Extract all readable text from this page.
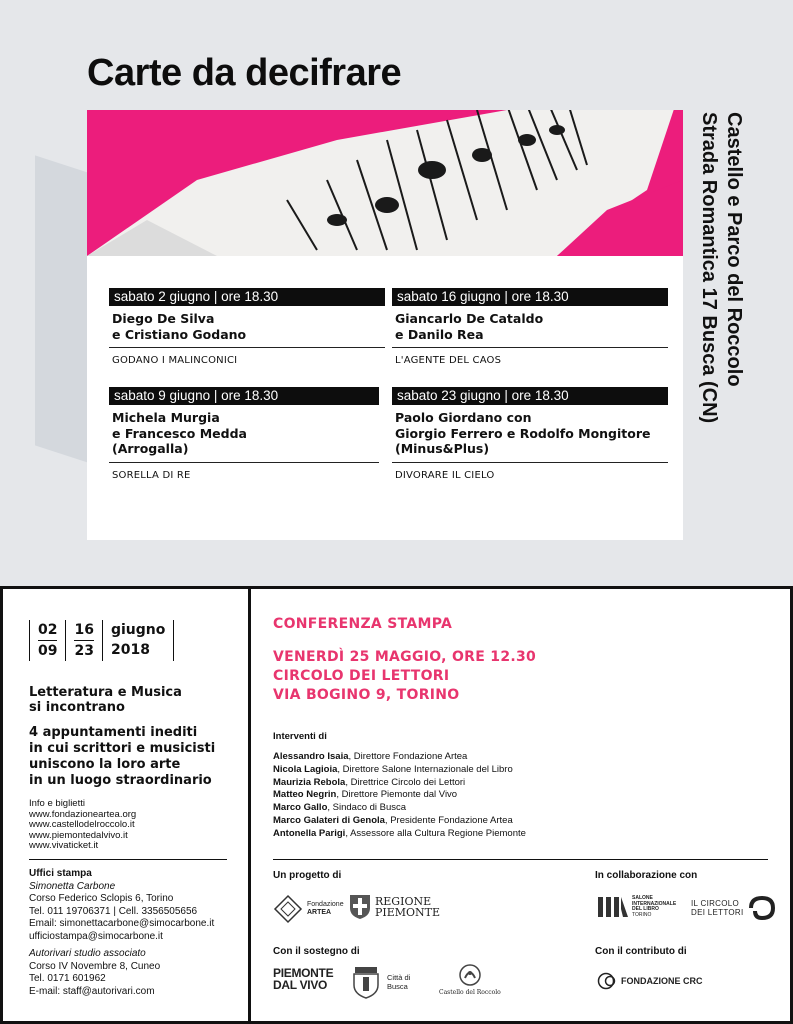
Carte da decifrare
Castello e Parco del Roccolo
Strada Romantica 17 Busca (CN)
sabato 2 giugno | ore 18.30
Diego De Silva
e Cristiano Godano
GODANO I MALINCONICI
sabato 16 giugno | ore 18.30
Giancarlo De Cataldo
e Danilo Rea
L'AGENTE DEL CAOS
sabato 9 giugno | ore 18.30
Michela Murgia
e Francesco Medda
(Arrogalla)
SORELLA DI RE
sabato 23 giugno | ore 18.30
Paolo Giordano con
Giorgio Ferrero e Rodolfo Mongitore
(Minus&Plus)
DIVORARE IL CIELO
02
09
16
23
giugno
2018
Letteratura e Musica
si incontrano
4 appuntamenti inediti
in cui scrittori e musicisti
uniscono la loro arte
in un luogo straordinario
Info e biglietti
www.fondazioneartea.org
www.castellodelroccolo.it
www.piemontedalvivo.it
www.vivaticket.it
Uffici stampa
Simonetta Carbone
Corso Federico Sclopis 6, Torino
Tel. 011 19706371 | Cell. 3356505656
Email: simonettacarbone@simocarbone.it
ufficiostampa@simocarbone.it
Autorivari studio associato
Corso IV Novembre 8, Cuneo
Tel. 0171 601962
E-mail: staff@autorivari.com
CONFERENZA STAMPA
VENERDÌ 25 MAGGIO, ORE 12.30
CIRCOLO DEI LETTORI
VIA BOGINO 9, TORINO
Interventi di
Alessandro Isaia, Direttore Fondazione Artea
Nicola Lagioia, Direttore Salone Internazionale del Libro
Maurizia Rebola, Direttrice Circolo dei Lettori
Matteo Negrin, Direttore Piemonte dal Vivo
Marco Gallo, Sindaco di Busca
Marco Galateri di Genola, Presidente Fondazione Artea
Antonella Parigi, Assessore alla Cultura Regione Piemonte
Un progetto di	In collaborazione con
Con il sostegno di	Con il contributo di
Fondazione
ARTEA
REGIONE
PIEMONTE
SALONE
INTERNAZIONALE
DEL LIBRO
TORINO
IL CIRCOLO
DEI LETTORI
PIEMONTE
DAL VIVO
Città di
Busca
Castello del Roccolo
FONDAZIONE CRC
